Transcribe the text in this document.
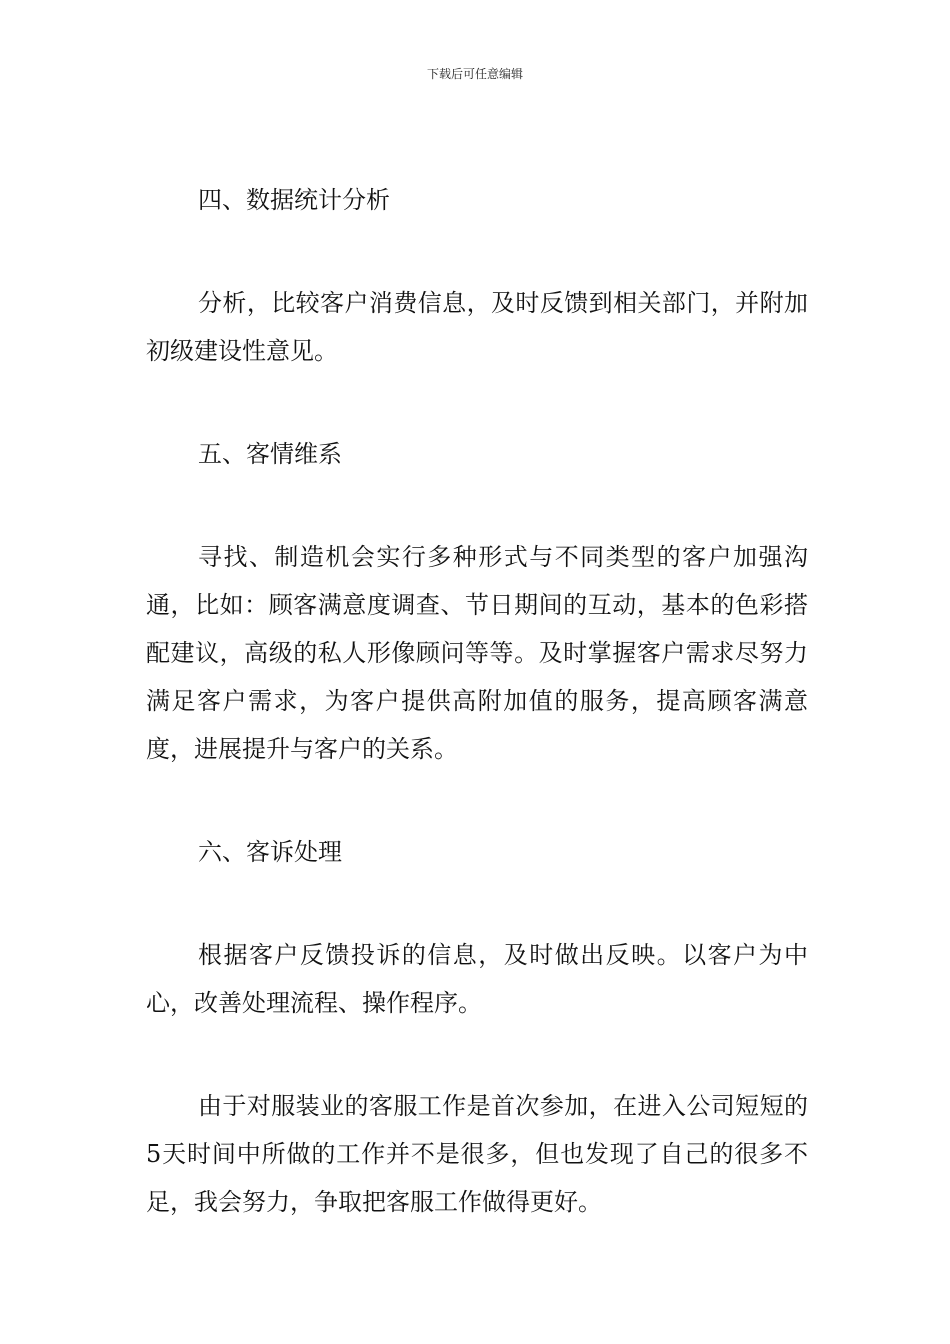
下载后可任意编辑
四、数据统计分析

分析，比较客户消费信息，及时反馈到相关部门，并附加初级建设性意见。

五、客情维系

寻找、制造机会实行多种形式与不同类型的客户加强沟通，比如：顾客满意度调查、节日期间的互动，基本的色彩搭配建议，高级的私人形像顾问等等。及时掌握客户需求尽努力满足客户需求，为客户提供高附加值的服务，提高顾客满意度，进展提升与客户的关系。

六、客诉处理

根据客户反馈投诉的信息，及时做出反映。以客户为中心，改善处理流程、操作程序。

由于对服装业的客服工作是首次参加，在进入公司短短的5天时间中所做的工作并不是很多，但也发现了自己的很多不足，我会努力，争取把客服工作做得更好。
